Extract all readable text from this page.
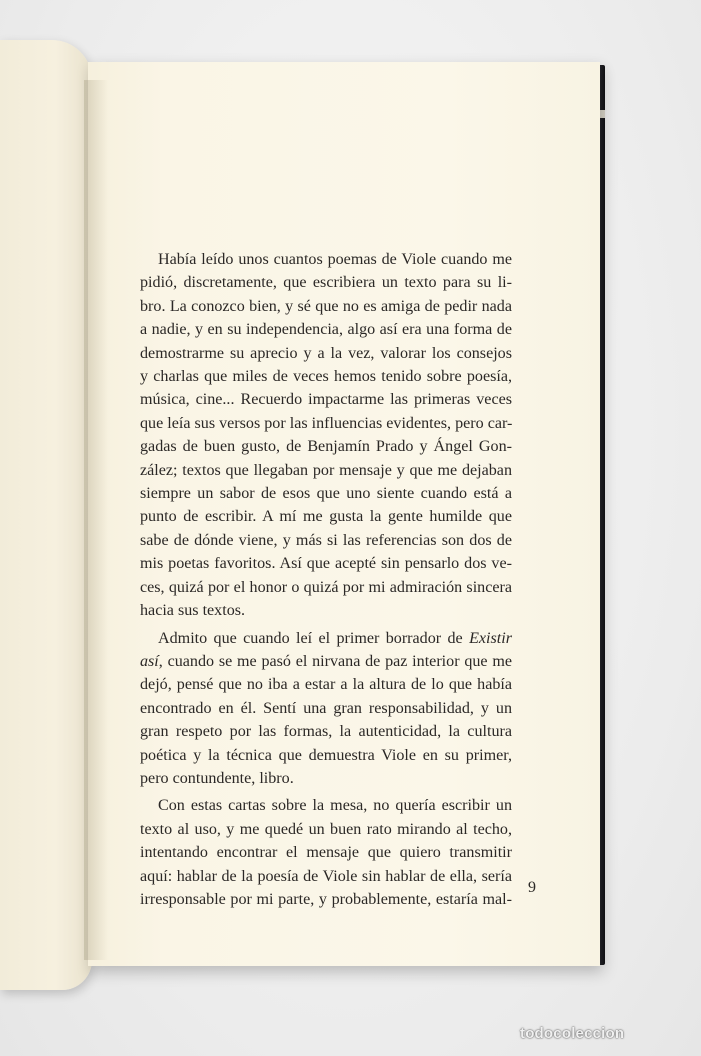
Había leído unos cuantos poemas de Viole cuando me
pidió, discretamente, que escribiera un texto para su li-
bro. La conozco bien, y sé que no es amiga de pedir nada
a nadie, y en su independencia, algo así era una forma de
demostrarme su aprecio y a la vez, valorar los consejos
y charlas que miles de veces hemos tenido sobre poesía,
música, cine... Recuerdo impactarme las primeras veces
que leía sus versos por las influencias evidentes, pero car-
gadas de buen gusto, de Benjamín Prado y Ángel Gon-
zález; textos que llegaban por mensaje y que me dejaban
siempre un sabor de esos que uno siente cuando está a
punto de escribir. A mí me gusta la gente humilde que
sabe de dónde viene, y más si las referencias son dos de
mis poetas favoritos. Así que acepté sin pensarlo dos ve-
ces, quizá por el honor o quizá por mi admiración sincera
hacia sus textos.
Admito que cuando leí el primer borrador de Existir
así, cuando se me pasó el nirvana de paz interior que me
dejó, pensé que no iba a estar a la altura de lo que había
encontrado en él. Sentí una gran responsabilidad, y un
gran respeto por las formas, la autenticidad, la cultura
poética y la técnica que demuestra Viole en su primer,
pero contundente, libro.
Con estas cartas sobre la mesa, no quería escribir un
texto al uso, y me quedé un buen rato mirando al techo,
intentando encontrar el mensaje que quiero transmitir
aquí: hablar de la poesía de Viole sin hablar de ella, sería
irresponsable por mi parte, y probablemente, estaría mal-
9
todocoleccion
